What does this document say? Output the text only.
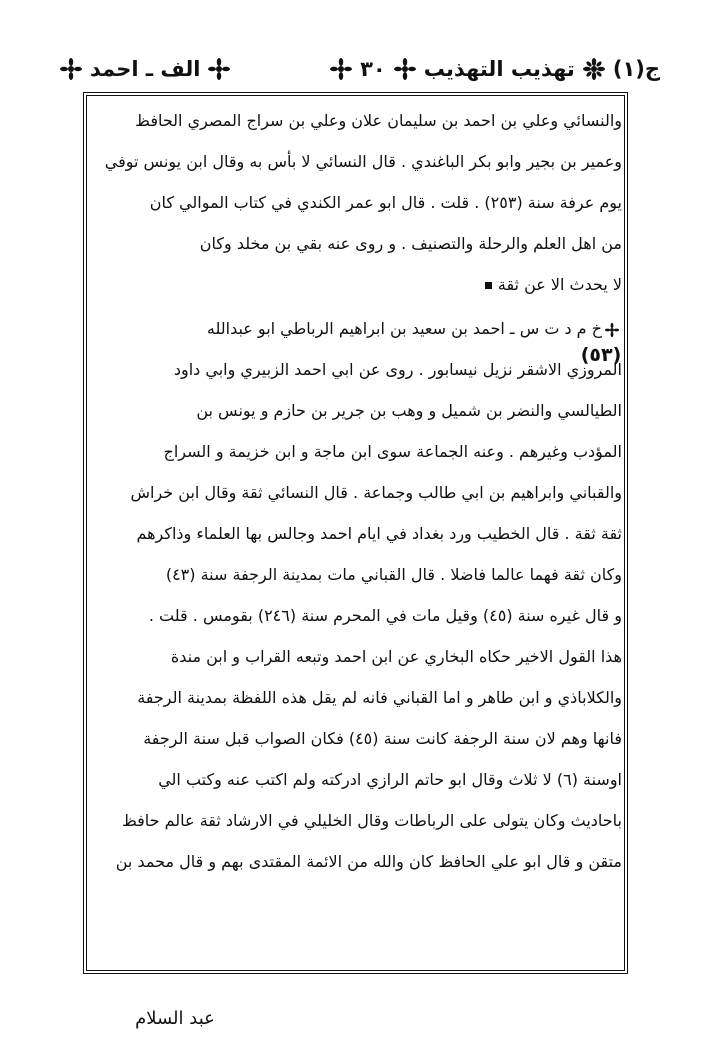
ج(١)
تهذيب التهذيب
٣٠
الف ـ احمد
(٥٣)
والنسائي وعلي بن احمد بن سليمان علان وعلي بن سراج المصري الحافظ
وعمير بن بجير وابو بكر الباغندي . قال النسائي لا بأس به وقال ابن يونس توفي
يوم عرفة سنة (٢٥٣) . قلت . قال ابو عمر الكندي في كتاب الموالي كان
من اهل العلم والرحلة والتصنيف . و روى عنه بقي بن مخلد وكان
لا يحدث الا عن ثقة
خ م د ت س ـ احمد بن سعيد بن ابراهيم الرباطي ابو عبدالله
المروزي الاشقر نزيل نيسابور . روى عن ابي احمد الزبيري وابي داود
الطيالسي والنضر بن شميل و وهب بن جرير بن حازم و يونس بن
المؤدب وغيرهم . وعنه الجماعة سوى ابن ماجة و ابن خزيمة و السراج
والقباني وابراهيم بن ابي طالب وجماعة . قال النسائي ثقة وقال ابن خراش
ثقة ثقة . قال الخطيب ورد بغداد في ايام احمد وجالس بها العلماء وذاكرهم
وكان ثقة فهما عالما فاضلا . قال القباني مات بمدينة الرجفة سنة (٤٣)
و قال غيره سنة (٤٥) وقيل مات في المحرم سنة (٢٤٦) بقومس . قلت .
هذا القول الاخير حكاه البخاري عن ابن احمد وتبعه القراب و ابن مندة
والكلاباذي و ابن طاهر و اما القباني فانه لم يقل هذه اللفظة بمدينة الرجفة
فانها وهم لان سنة الرجفة كانت سنة (٤٥) فكان الصواب قبل سنة الرجفة
اوسنة (٦) لا ثلاث وقال ابو حاتم الرازي ادركته ولم اكتب عنه وكتب الي
باحاديث وكان يتولى على الرباطات وقال الخليلي في الارشاد ثقة عالم حافظ
متقن و قال ابو علي الحافظ كان والله من الائمة المقتدى بهم و قال محمد بن
عبد السلام
